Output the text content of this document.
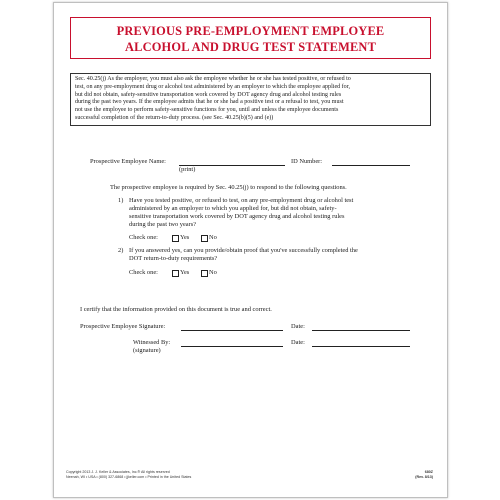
PREVIOUS PRE-EMPLOYMENT EMPLOYEE
ALCOHOL AND DRUG TEST STATEMENT
Sec. 40.25(j) As the employer, you must also ask the employee whether he or she has tested positive, or refused to
test, on any pre-employment drug or alcohol test administered by an employer to which the employee applied for,
but did not obtain, safety-sensitive transportation work covered by DOT agency drug and alcohol testing rules
during the past two years. If the employee admits that he or she had a positive test or a refusal to test, you must
not use the employee to perform safety-sensitive functions for you, until and unless the employee documents
successful completion of the return-to-duty process. (see Sec. 40.25(b)(5) and (e))
Prospective Employee Name:
(print)
ID Number:
The prospective employee is required by Sec. 40.25(j) to respond to the following questions.
1) Have you tested positive, or refused to test, on any pre-employment drug or alcohol test
administered by an employer to which you applied for, but did not obtain, safety-
sensitive transportation work covered by DOT agency drug and alcohol testing rules
during the past two years?
Check one:	Yes	No
2) If you answered yes, can you provide/obtain proof that you've successfully completed the
DOT return-to-duty requirements?
Check one:	Yes	No
I certify that the information provided on this document is true and correct.
Prospective Employee Signature:	Date:
Witnessed By:
(signature)
Date:
Copyright 2013 J. J. Keller & Associates, Inc.® All rights reserved
Neenah, WI • USA • (800) 327-6868 • jjkeller.com • Printed in the United States
680Z
(Rev. 8/13)
